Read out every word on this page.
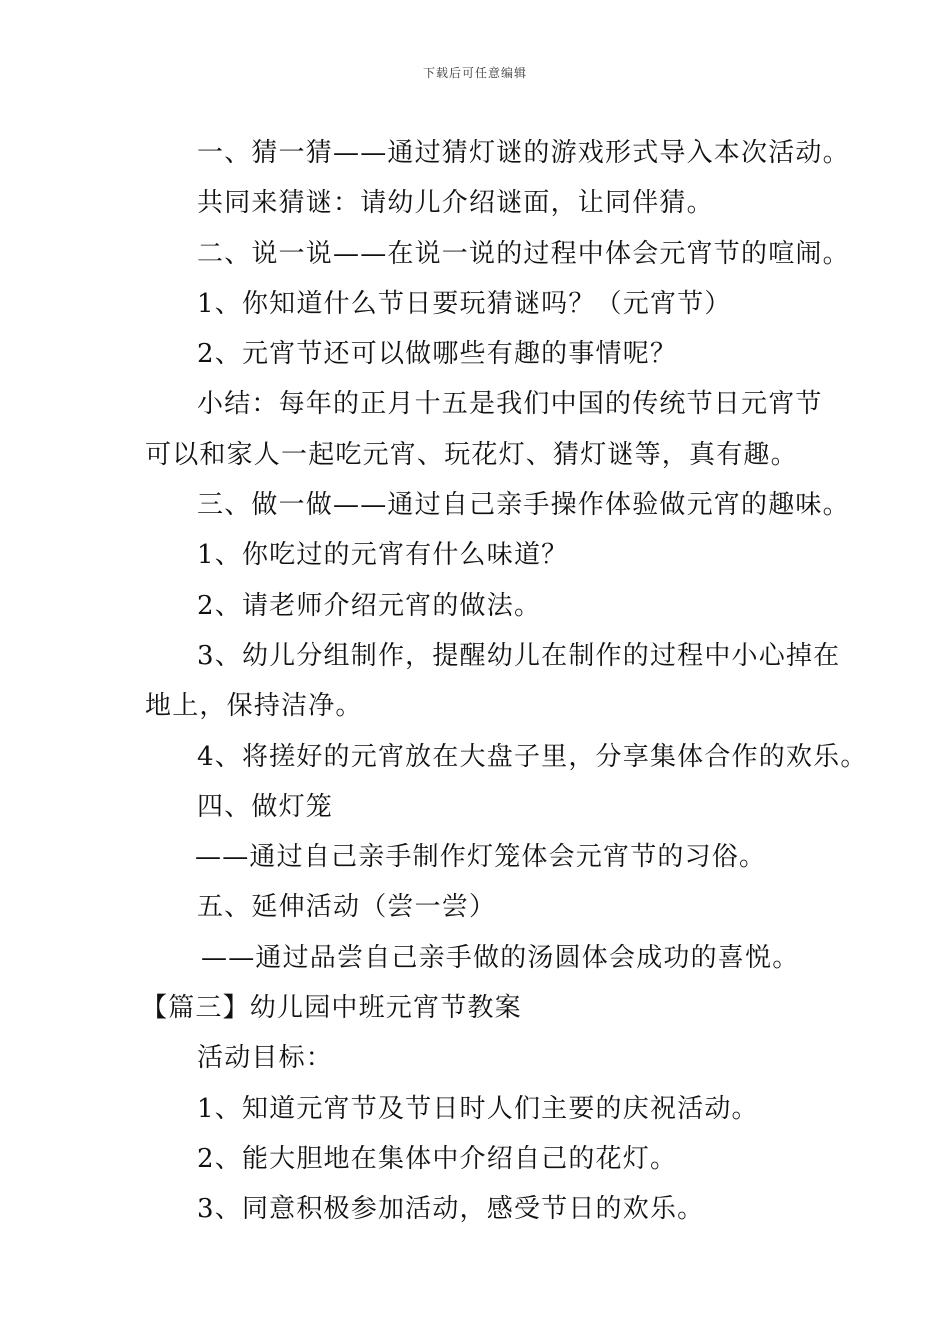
下载后可任意编辑
一、猜一猜——通过猜灯谜的游戏形式导入本次活动。
共同来猜谜：请幼儿介绍谜面，让同伴猜。
二、说一说——在说一说的过程中体会元宵节的喧闹。
1、你知道什么节日要玩猜谜吗？（元宵节）
2、元宵节还可以做哪些有趣的事情呢？
小结：每年的正月十五是我们中国的传统节日元宵节
可以和家人一起吃元宵、玩花灯、猜灯谜等，真有趣。
三、做一做——通过自己亲手操作体验做元宵的趣味。
1、你吃过的元宵有什么味道？
2、请老师介绍元宵的做法。
3、幼儿分组制作，提醒幼儿在制作的过程中小心掉在
地上，保持洁净。
4、将搓好的元宵放在大盘子里，分享集体合作的欢乐。
四、做灯笼
——通过自己亲手制作灯笼体会元宵节的习俗。
五、延伸活动（尝一尝）
——通过品尝自己亲手做的汤圆体会成功的喜悦。
【篇三】幼儿园中班元宵节教案
活动目标：
1、知道元宵节及节日时人们主要的庆祝活动。
2、能大胆地在集体中介绍自己的花灯。
3、同意积极参加活动，感受节日的欢乐。
